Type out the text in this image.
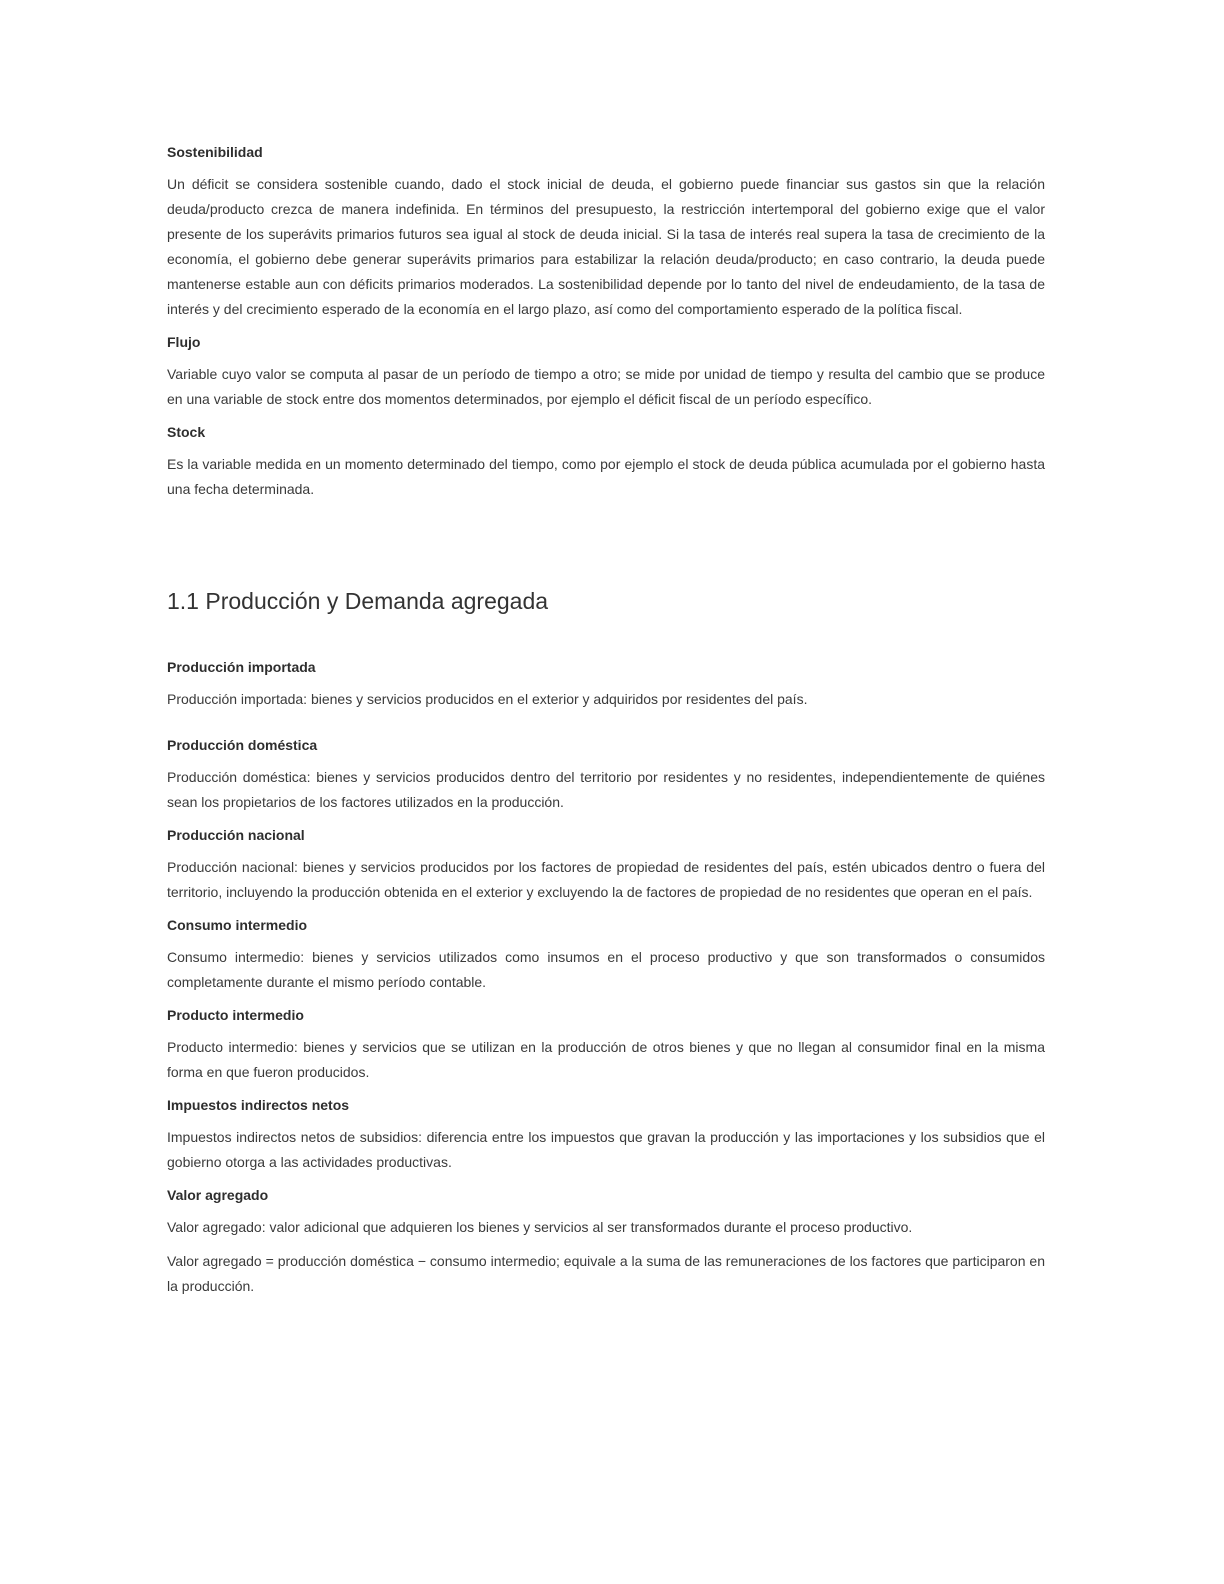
Sostenibilidad

Un déficit se considera sostenible cuando, dado el stock inicial de deuda, el gobierno puede financiar sus gastos sin que la relación deuda/producto crezca de manera indefinida. En términos del presupuesto, la restricción intertemporal del gobierno exige que el valor presente de los superávits primarios futuros sea igual al stock de deuda inicial. Si la tasa de interés real supera la tasa de crecimiento de la economía, el gobierno debe generar superávits primarios para estabilizar la relación deuda/producto; en caso contrario, la deuda puede mantenerse estable aun con déficits primarios moderados. La sostenibilidad depende por lo tanto del nivel de endeudamiento, de la tasa de interés y del crecimiento esperado de la economía en el largo plazo, así como del comportamiento esperado de la política fiscal.

Flujo

Variable cuyo valor se computa al pasar de un período de tiempo a otro; se mide por unidad de tiempo y resulta del cambio que se produce en una variable de stock entre dos momentos determinados, por ejemplo el déficit fiscal de un período específico.

Stock

Es la variable medida en un momento determinado del tiempo, como por ejemplo el stock de deuda pública acumulada por el gobierno hasta una fecha determinada.

1.1 Producción y Demanda agregada
Producción importada

Producción importada: bienes y servicios producidos en el exterior y adquiridos por residentes del país.

Producción doméstica

Producción doméstica: bienes y servicios producidos dentro del territorio por residentes y no residentes, independientemente de quiénes sean los propietarios de los factores utilizados en la producción.

Producción nacional

Producción nacional: bienes y servicios producidos por los factores de propiedad de residentes del país, estén ubicados dentro o fuera del territorio, incluyendo la producción obtenida en el exterior y excluyendo la de factores de propiedad de no residentes que operan en el país.

Consumo intermedio

Consumo intermedio: bienes y servicios utilizados como insumos en el proceso productivo y que son transformados o consumidos completamente durante el mismo período contable.

Producto intermedio

Producto intermedio: bienes y servicios que se utilizan en la producción de otros bienes y que no llegan al consumidor final en la misma forma en que fueron producidos.

Impuestos indirectos netos

Impuestos indirectos netos de subsidios: diferencia entre los impuestos que gravan la producción y las importaciones y los subsidios que el gobierno otorga a las actividades productivas.

Valor agregado

Valor agregado: valor adicional que adquieren los bienes y servicios al ser transformados durante el proceso productivo.

Valor agregado = producción doméstica − consumo intermedio; equivale a la suma de las remuneraciones de los factores que participaron en la producción.
